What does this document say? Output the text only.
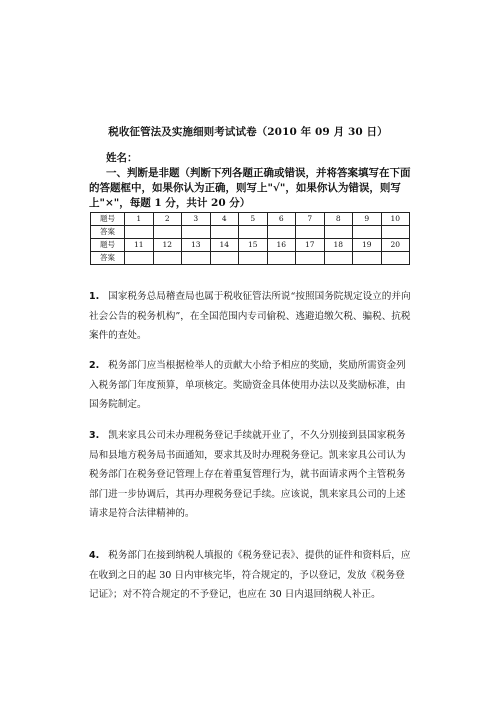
税收征管法及实施细则考试试卷（2010 年 09 月 30 日）
姓名：
一、判断是非题（判断下列各题正确或错误，并将答案填写在下面的答题框中，如果你认为正确，则写上"√"，如果你认为错误，则写上"×"，每题 1 分，共计 20 分）
题号	1	2	3	4	5	6	7	8	9	10
答案										
题号	11	12	13	14	15	16	17	18	19	20
答案										
1. 国家税务总局稽查局也属于税收征管法所说“按照国务院规定设立的并向社会公告的税务机构”，在全国范围内专司偷税、逃避追缴欠税、骗税、抗税案件的查处。
2. 税务部门应当根据检举人的贡献大小给予相应的奖励，奖励所需资金列入税务部门年度预算，单项核定。奖励资金具体使用办法以及奖励标准，由国务院制定。
3. 凯来家具公司未办理税务登记手续就开业了，不久分别接到县国家税务局和县地方税务局书面通知，要求其及时办理税务登记。凯来家具公司认为税务部门在税务登记管理上存在着重复管理行为，就书面请求两个主管税务部门进一步协调后，其再办理税务登记手续。应该说，凯来家具公司的上述请求是符合法律精神的。
4. 税务部门在接到纳税人填报的《税务登记表》、提供的证件和资料后，应在收到之日的起 30 日内审核完毕，符合规定的，予以登记，发放《税务登记证》；对不符合规定的不予登记，也应在 30 日内退回纳税人补正。
